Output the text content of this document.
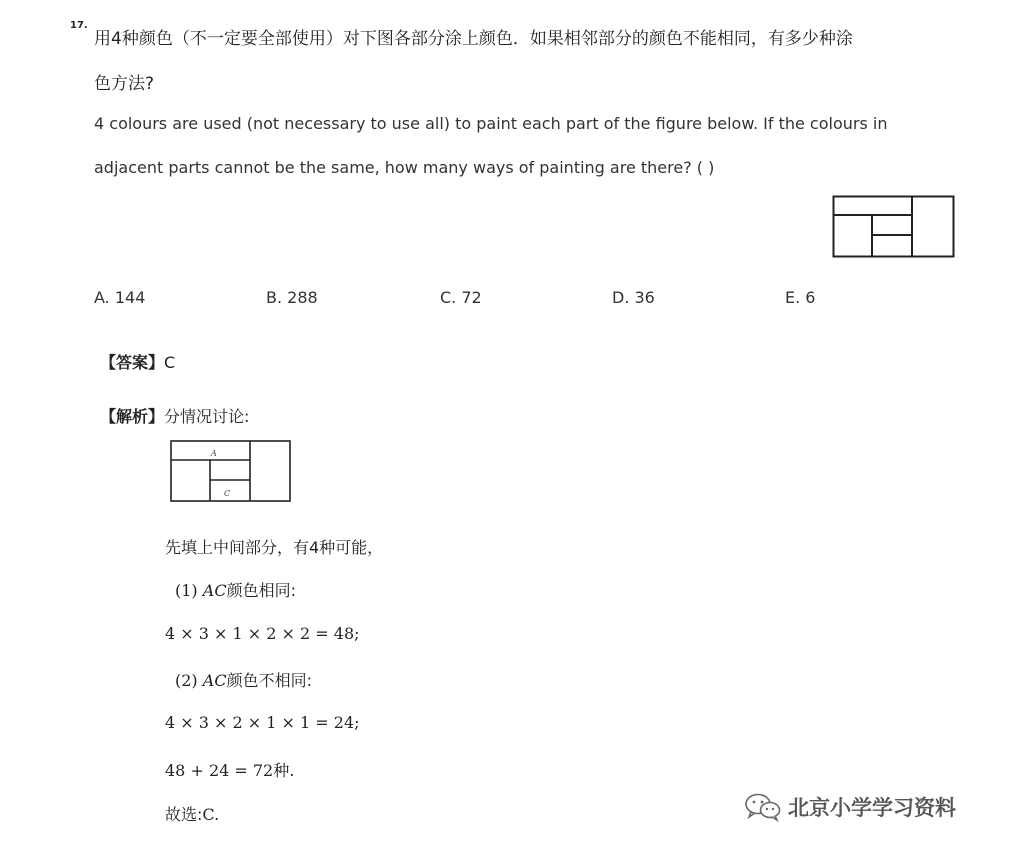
17.
用4种颜色（不一定要全部使用）对下图各部分涂上颜色．如果相邻部分的颜色不能相同，有多少种涂
色方法?
4 colours are used (not necessary to use all) to paint each part of the figure below. If the colours in
adjacent parts cannot be the same, how many ways of painting are there? ( )
A. 144	B. 288	C. 72	D. 36	E. 6
【答案】C
【解析】分情况讨论:
A
C
先填上中间部分，有4种可能，
(1) AC颜色相同:
4 × 3 × 1 × 2 × 2 = 48;
(2) AC颜色不相同:
4 × 3 × 2 × 1 × 1 = 24;
48 + 24 = 72种.
故选:C.	北京小学学习资料
